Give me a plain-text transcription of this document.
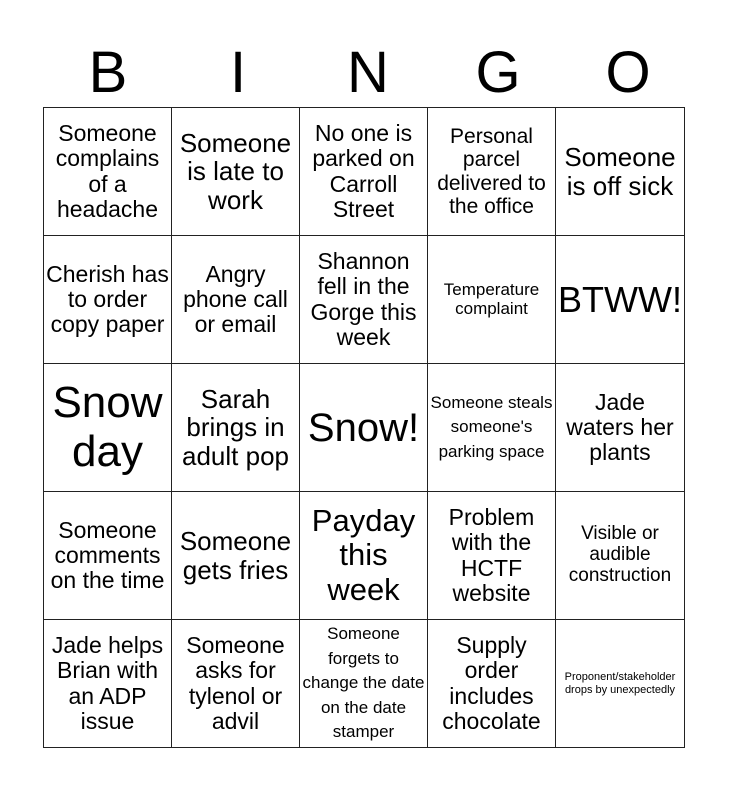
B	I	N	G	O
Someone complains of a headache	Someone is late to work	No one is parked on Carroll Street	Personal parcel delivered to the office	Someone is off sick
Cherish has to order copy paper	Angry phone call or email	Shannon fell in the Gorge this week	Temperature complaint	BTWW!
Snow day	Sarah brings in adult pop	Snow!	Someone steals someone's parking space	Jade waters her plants
Someone comments on the time	Someone gets fries	Payday this week	Problem with the HCTF website	Visible or audible construction
Jade helps Brian with an ADP issue	Someone asks for tylenol or advil	Someone forgets to change the date on the date stamper	Supply order includes chocolate	Proponent/stakeholder drops by unexpectedly
